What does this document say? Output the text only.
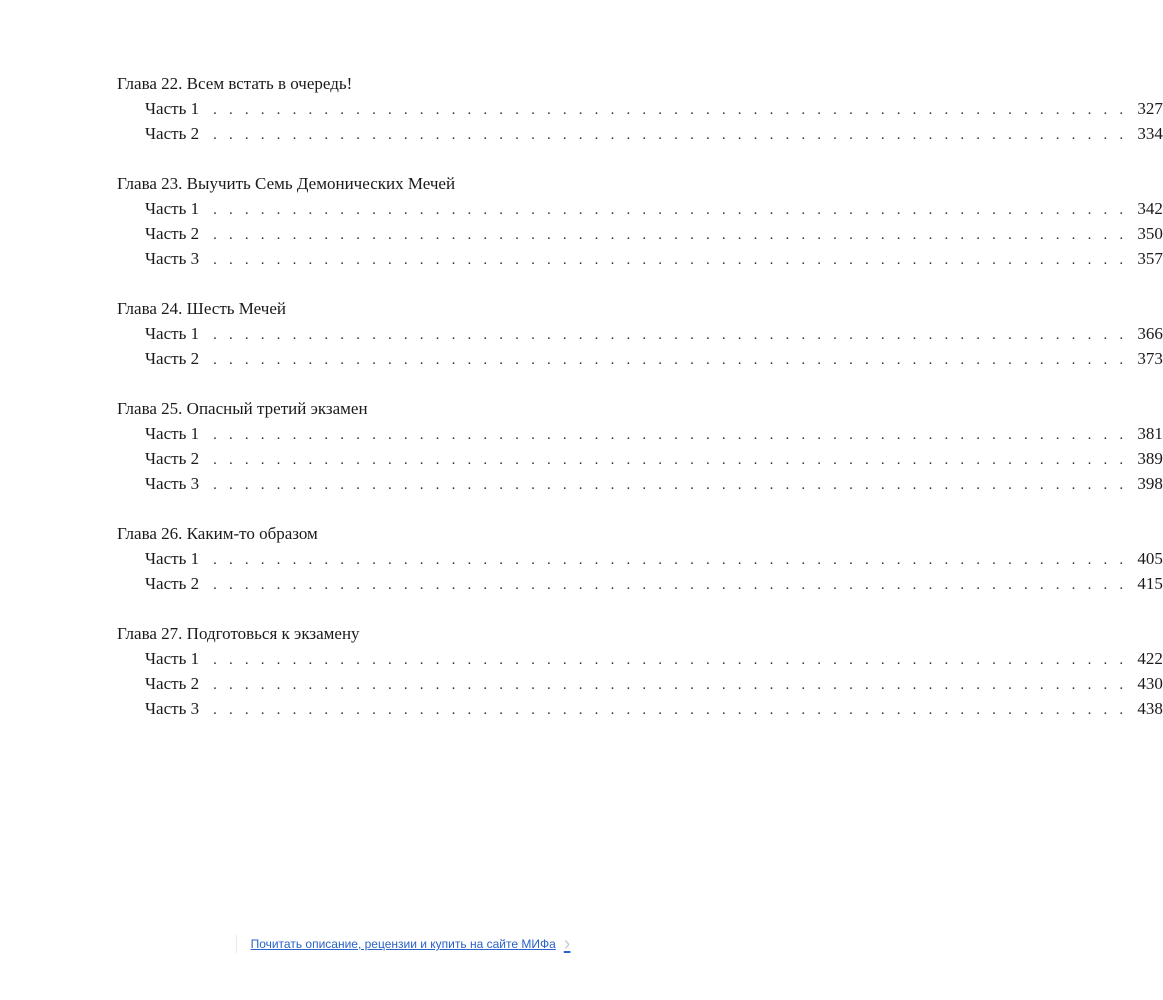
Глава 22. Всем встать в очередь!
Часть 1 . . . . . . . . . . . . . . . . . . . . . . . . . . . . . . . . . . . . . . . . . . . . . . . . . . . . . . . . . . 327
Часть 2 . . . . . . . . . . . . . . . . . . . . . . . . . . . . . . . . . . . . . . . . . . . . . . . . . . . . . . . . . . 334
Глава 23. Выучить Семь Демонических Мечей
Часть 1 . . . . . . . . . . . . . . . . . . . . . . . . . . . . . . . . . . . . . . . . . . . . . . . . . . . . . . . . . . 342
Часть 2 . . . . . . . . . . . . . . . . . . . . . . . . . . . . . . . . . . . . . . . . . . . . . . . . . . . . . . . . . . 350
Часть 3 . . . . . . . . . . . . . . . . . . . . . . . . . . . . . . . . . . . . . . . . . . . . . . . . . . . . . . . . . . 357
Глава 24. Шесть Мечей
Часть 1 . . . . . . . . . . . . . . . . . . . . . . . . . . . . . . . . . . . . . . . . . . . . . . . . . . . . . . . . . . 366
Часть 2 . . . . . . . . . . . . . . . . . . . . . . . . . . . . . . . . . . . . . . . . . . . . . . . . . . . . . . . . . . 373
Глава 25. Опасный третий экзамен
Часть 1 . . . . . . . . . . . . . . . . . . . . . . . . . . . . . . . . . . . . . . . . . . . . . . . . . . . . . . . . . . 381
Часть 2 . . . . . . . . . . . . . . . . . . . . . . . . . . . . . . . . . . . . . . . . . . . . . . . . . . . . . . . . . . 389
Часть 3 . . . . . . . . . . . . . . . . . . . . . . . . . . . . . . . . . . . . . . . . . . . . . . . . . . . . . . . . . . 398
Глава 26. Каким-то образом
Часть 1 . . . . . . . . . . . . . . . . . . . . . . . . . . . . . . . . . . . . . . . . . . . . . . . . . . . . . . . . . . 405
Часть 2 . . . . . . . . . . . . . . . . . . . . . . . . . . . . . . . . . . . . . . . . . . . . . . . . . . . . . . . . . . 415
Глава 27. Подготовься к экзамену
Часть 1 . . . . . . . . . . . . . . . . . . . . . . . . . . . . . . . . . . . . . . . . . . . . . . . . . . . . . . . . . . 422
Часть 2 . . . . . . . . . . . . . . . . . . . . . . . . . . . . . . . . . . . . . . . . . . . . . . . . . . . . . . . . . . 430
Часть 3 . . . . . . . . . . . . . . . . . . . . . . . . . . . . . . . . . . . . . . . . . . . . . . . . . . . . . . . . . . 438
Почитать описание, рецензии и купить на сайте МИФа ›
